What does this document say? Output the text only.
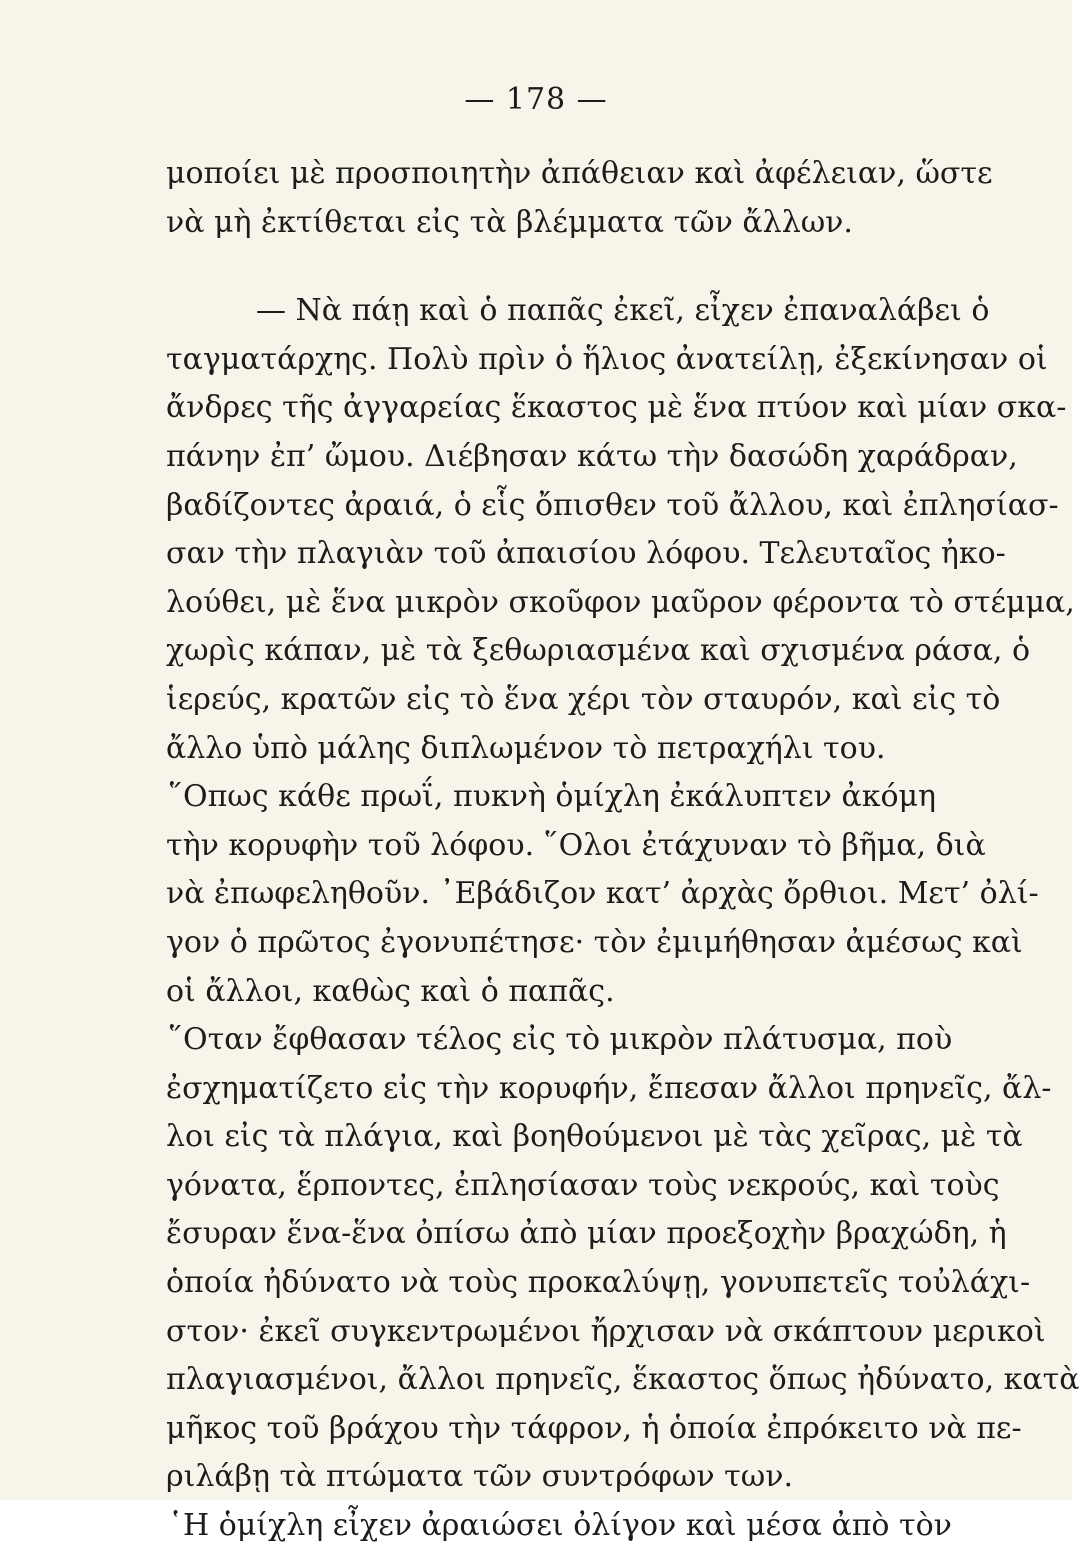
— 178 —
μοποίει μὲ προσποιητὴν ἀπάθειαν καὶ ἀφέλειαν, ὥστε
νὰ μὴ ἐκτίθεται εἰς τὰ βλέμματα τῶν ἄλλων.
— Νὰ πάῃ καὶ ὁ παπᾶς ἐκεῖ, εἶχεν ἐπαναλάβει ὁ
ταγματάρχης. Πολὺ πρὶν ὁ ἥλιος ἀνατείλῃ, ἐξεκίνησαν οἱ
ἄνδρες τῆς ἀγγαρείας ἕκαστος μὲ ἕνα πτύον καὶ μίαν σκα-
πάνην ἐπ’ ὤμου. Διέβησαν κάτω τὴν δασώδη χαράδραν,
βαδίζοντες ἀραιά, ὁ εἷς ὄπισθεν τοῦ ἄλλου, καὶ ἐπλησίασ-
σαν τὴν πλαγιὰν τοῦ ἀπαισίου λόφου. Τελευταῖος ἠκο-
λούθει, μὲ ἕνα μικρὸν σκοῦφον μαῦρον φέροντα τὸ στέμμα,
χωρὶς κάπαν, μὲ τὰ ξεθωριασμένα καὶ σχισμένα ράσα, ὁ
ἱερεύς, κρατῶν εἰς τὸ ἕνα χέρι τὸν σταυρόν, καὶ εἰς τὸ
ἄλλο ὑπὸ μάλης διπλωμένον τὸ πετραχήλι του.
῞Οπως κάθε πρωΐ, πυκνὴ ὁμίχλη ἐκάλυπτεν ἀκόμη
τὴν κορυφὴν τοῦ λόφου. ῞Ολοι ἐτάχυναν τὸ βῆμα, διὰ
νὰ ἐπωφεληθοῦν. ᾿Εβάδιζον κατ’ ἀρχὰς ὄρθιοι. Μετ’ ὀλί-
γον ὁ πρῶτος ἐγονυπέτησε· τὸν ἐμιμήθησαν ἀμέσως καὶ
οἱ ἄλλοι, καθὼς καὶ ὁ παπᾶς.
῞Οταν ἔφθασαν τέλος εἰς τὸ μικρὸν πλάτυσμα, ποὺ
ἐσχηματίζετο εἰς τὴν κορυφήν, ἔπεσαν ἄλλοι πρηνεῖς, ἄλ-
λοι εἰς τὰ πλάγια, καὶ βοηθούμενοι μὲ τὰς χεῖρας, μὲ τὰ
γόνατα, ἕρποντες, ἐπλησίασαν τοὺς νεκρούς, καὶ τοὺς
ἔσυραν ἕνα-ἕνα ὀπίσω ἀπὸ μίαν προεξοχὴν βραχώδη, ἡ
ὁποία ἠδύνατο νὰ τοὺς προκαλύψῃ, γονυπετεῖς τοὐλάχι-
στον· ἐκεῖ συγκεντρωμένοι ἤρχισαν νὰ σκάπτουν μερικοὶ
πλαγιασμένοι, ἄλλοι πρηνεῖς, ἕκαστος ὅπως ἠδύνατο, κατὰ
μῆκος τοῦ βράχου τὴν τάφρον, ἡ ὁποία ἐπρόκειτο νὰ πε-
ριλάβῃ τὰ πτώματα τῶν συντρόφων των.
῾Η ὁμίχλη εἶχεν ἀραιώσει ὀλίγον καὶ μέσα ἀπὸ τὸν
